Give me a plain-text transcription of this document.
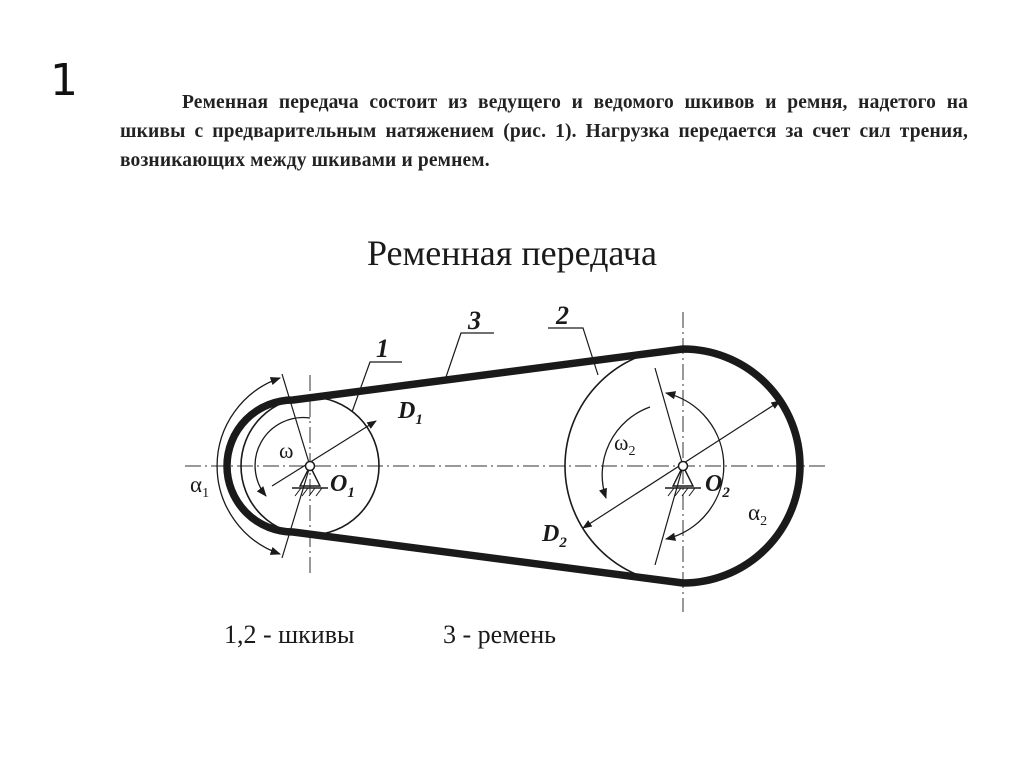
1	Ременная передача состоит из ведущего и ведомого шкивов и ремня, надетого на шкивы с предварительным натяжением (рис. 1). Нагрузка передается за счет сил трения, возникающих между шкивами и ремнем.
Ременная передача
1
3	2
$D_1$
$D_2$
$O_1$	$O_2$
ω	$\omega_2$
$\alpha_1$
$\alpha_2$
1,2 - шкивы	3 - ремень
